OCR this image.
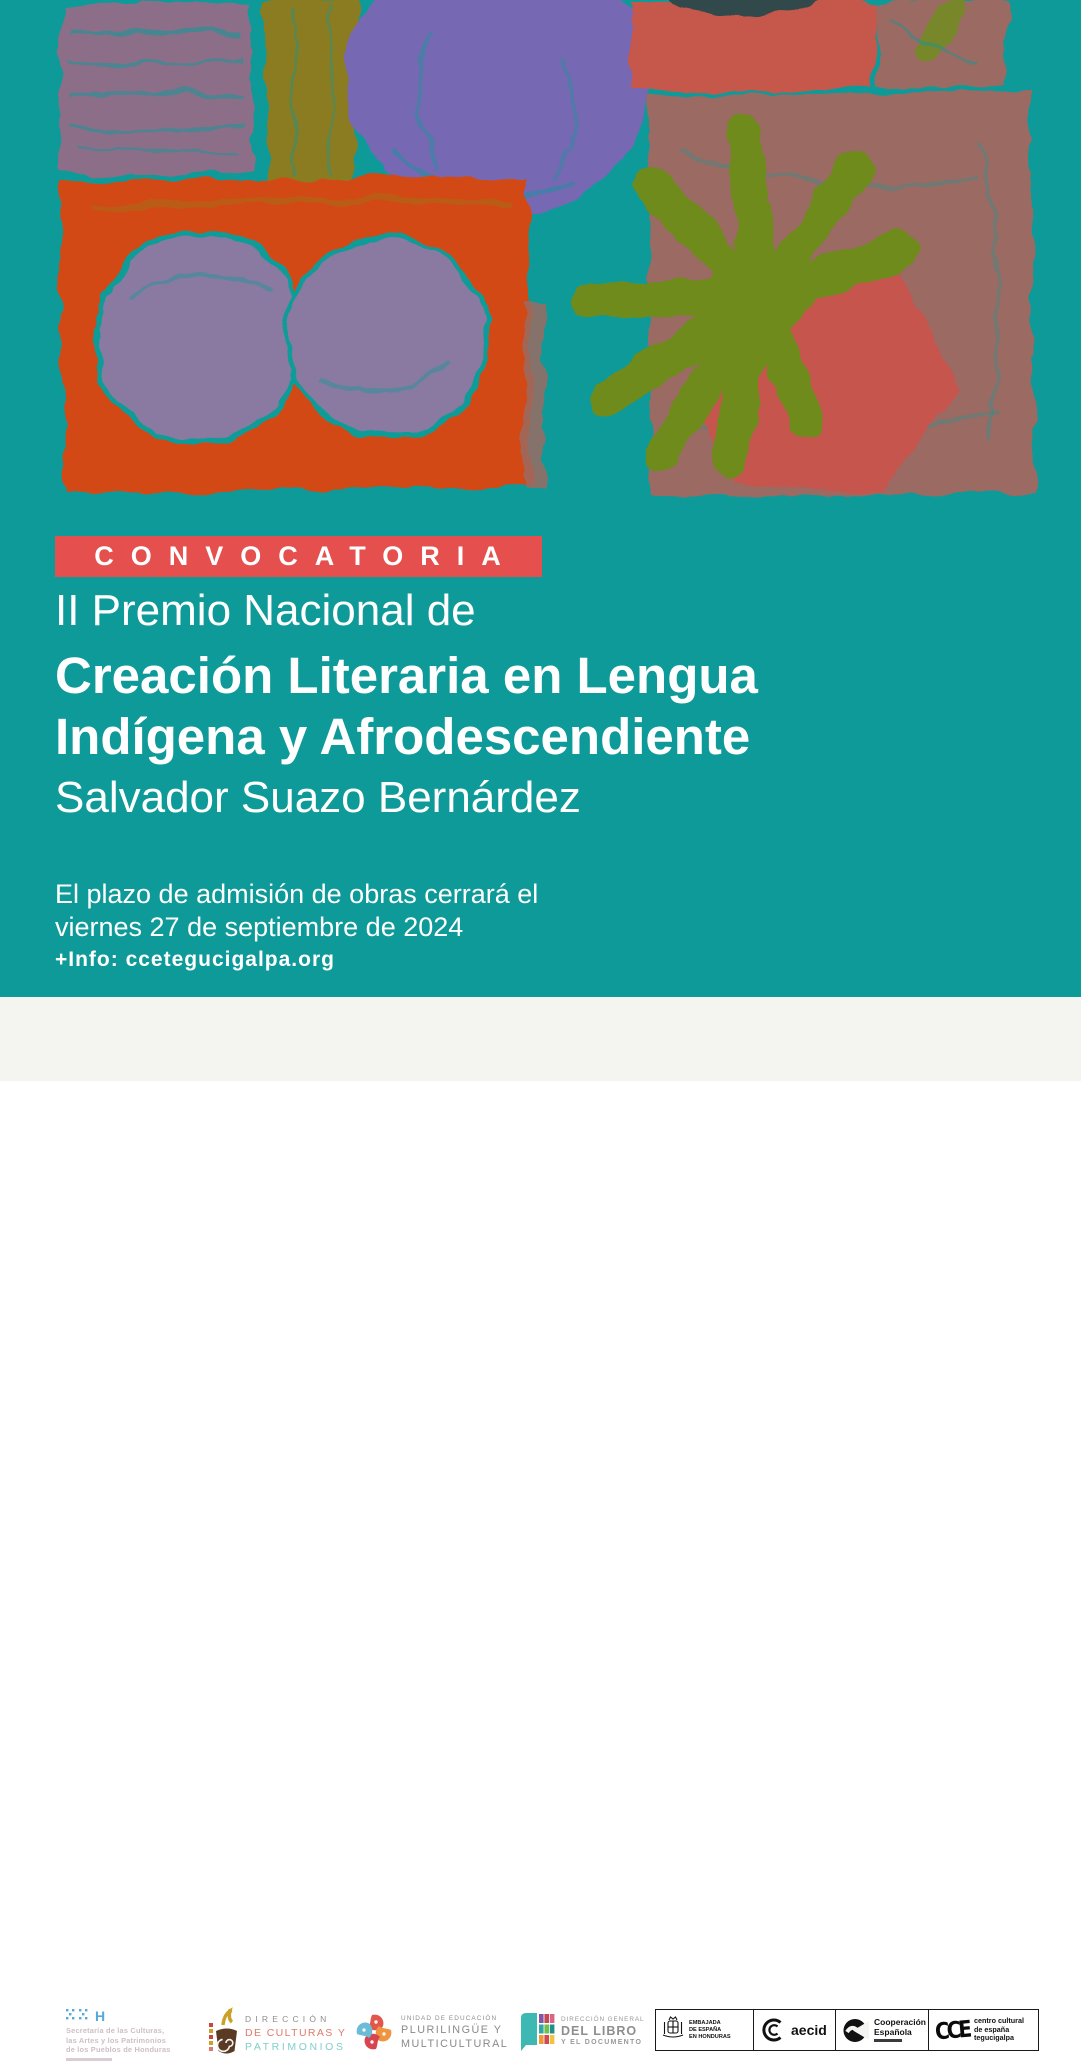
CONVOCATORIA
II Premio Nacional de
Creación Literaria en Lengua
Indígena y Afrodescendiente
Salvador Suazo Bernárdez
El plazo de admisión de obras cerrará el
viernes 27 de septiembre de 2024
+Info: ccetegucigalpa.org
H
Secretaría de las Culturas,
las Artes y los Patrimonios
de los Pueblos de Honduras
DIRECCIÓN
DE CULTURAS Y
PATRIMONIOS
UNIDAD DE EDUCACIÓN
PLURILINGÜE Y
MULTICULTURAL
DIRECCIÓN GENERAL
DEL LIBRO
Y EL DOCUMENTO
EMBAJADA
DE ESPAÑA
EN HONDURAS	aecid	Cooperación
Española	CCE centro cultural
de españa
tegucigalpa
